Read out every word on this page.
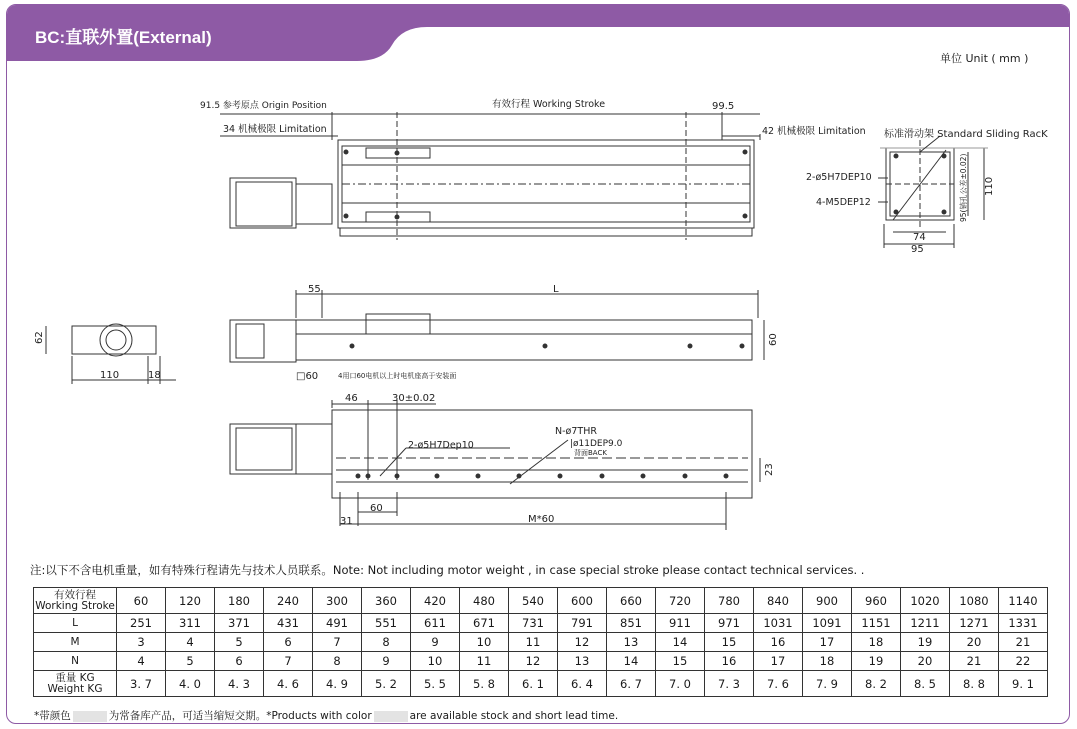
BC:直联外置(External)
单位 Unit ( mm )
91.5 参考原点 Origin Position	有效行程 Working Stroke	99.5
34 机械极限 Limitation	42 机械极限 Limitation 标准滑动架 Standard Sliding RacK
2-ø5H7DEP10
4-M5DEP12
110
74
95
95(销孔公差±0.02)
55	L
60
62
110	18	□60	4用口60电机以上时电机座高于安装面
46	30±0.02
2-ø5H7Dep10
N-ø7THR
|ø11DEP9.0
背面BACK
23
31
60
M*60
注:以下不含电机重量，如有特殊行程请先与技术人员联系。Note: Not including motor weight , in case special stroke please contact technical services. .
有效行程
Working Stroke	60	120	180	240	300	360	420	480	540	600	660	720	780	840	900	960	1020	1080	1140
L	251	311	371	431	491	551	611	671	731	791	851	911	971	1031	1091	1151	1211	1271	1331
M	3	4	5	6	7	8	9	10	11	12	13	14	15	16	17	18	19	20	21
N	4	5	6	7	8	9	10	11	12	13	14	15	16	17	18	19	20	21	22

重量 KG
Weight KG	3. 7	4. 0	4. 3	4. 6	4. 9	5. 2	5. 5	5. 8	6. 1	6. 4	6. 7	7. 0	7. 3	7. 6	7. 9	8. 2	8. 5	8. 8	9. 1
*带颜色	为常备库产品，可适当缩短交期。*Products with color	are available stock and short lead time.
